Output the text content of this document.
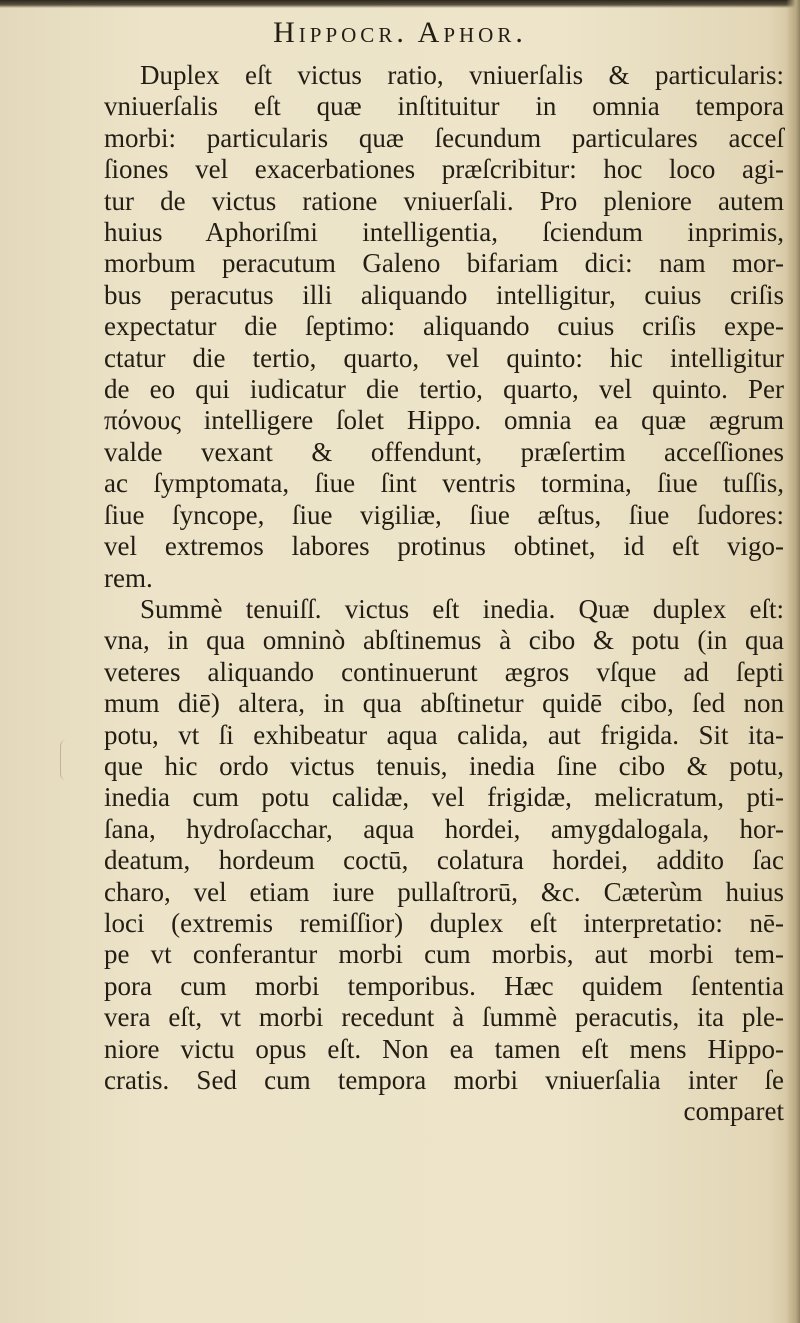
Hippocr. Aphor.
Duplex eſt victus ratio, vniuerſalis & particularis:
vniuerſalis eſt quæ inſtituitur in omnia tempora
morbi: particularis quæ ſecundum particulares acceſ
ſiones vel exacerbationes præſcribitur: hoc loco agi-
tur de victus ratione vniuerſali. Pro pleniore autem
huius Aphoriſmi intelligentia, ſciendum inprimis,
morbum peracutum Galeno bifariam dici: nam mor-
bus peracutus illi aliquando intelligitur, cuius criſis
expectatur die ſeptimo: aliquando cuius criſis expe-
ctatur die tertio, quarto, vel quinto: hic intelligitur
de eo qui iudicatur die tertio, quarto, vel quinto. Per
πόνους intelligere ſolet Hippo. omnia ea quæ ægrum
valde vexant & offendunt, præſertim acceſſiones
ac ſymptomata, ſiue ſint ventris tormina, ſiue tuſſis,
ſiue ſyncope, ſiue vigiliæ, ſiue æſtus, ſiue ſudores:
vel extremos labores protinus obtinet, id eſt vigo-
rem.
Summè tenuiſſ. victus eſt inedia. Quæ duplex eſt:
vna, in qua omninò abſtinemus à cibo & potu (in qua
veteres aliquando continuerunt ægros vſque ad ſepti
mum diē) altera, in qua abſtinetur quidē cibo, ſed non
potu, vt ſi exhibeatur aqua calida, aut frigida. Sit ita-
que hic ordo victus tenuis, inedia ſine cibo & potu,
inedia cum potu calidæ, vel frigidæ, melicratum, pti-
ſana, hydroſacchar, aqua hordei, amygdalogala, hor-
deatum, hordeum coctū, colatura hordei, addito ſac
charo, vel etiam iure pullaſtrorū, &c. Cæterùm huius
loci (extremis remiſſior) duplex eſt interpretatio: nē-
pe vt conferantur morbi cum morbis, aut morbi tem-
pora cum morbi temporibus. Hæc quidem ſententia
vera eſt, vt morbi recedunt à ſummè peracutis, ita ple-
niore victu opus eſt. Non ea tamen eſt mens Hippo-
cratis. Sed cum tempora morbi vniuerſalia inter ſe
comparet
